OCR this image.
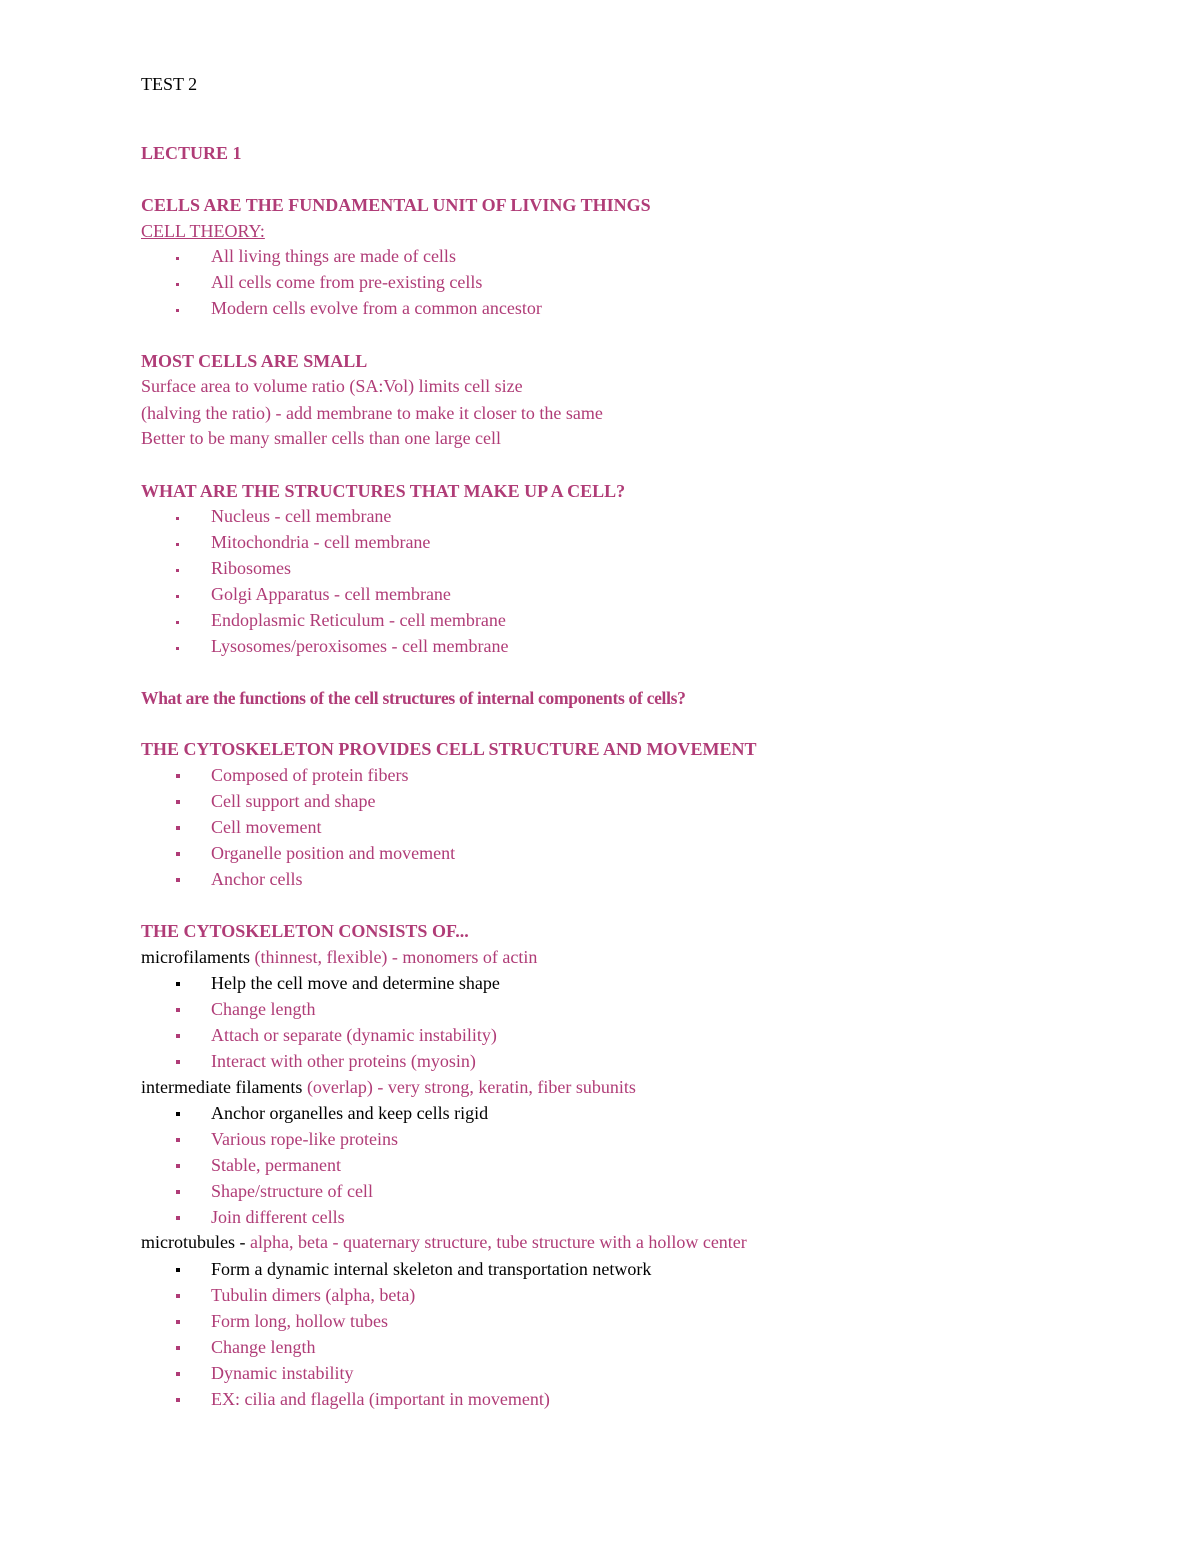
TEST 2
LECTURE 1
CELLS ARE THE FUNDAMENTAL UNIT OF LIVING THINGS
CELL THEORY:
All living things are made of cells
All cells come from pre-existing cells
Modern cells evolve from a common ancestor
MOST CELLS ARE SMALL
Surface area to volume ratio (SA:Vol) limits cell size
(halving the ratio) - add membrane to make it closer to the same
Better to be many smaller cells than one large cell
WHAT ARE THE STRUCTURES THAT MAKE UP A CELL?
Nucleus - cell membrane
Mitochondria - cell membrane
Ribosomes
Golgi Apparatus - cell membrane
Endoplasmic Reticulum - cell membrane
Lysosomes/peroxisomes - cell membrane
What are the functions of the cell structures of internal components of cells?
THE CYTOSKELETON PROVIDES CELL STRUCTURE AND MOVEMENT
Composed of protein fibers
Cell support and shape
Cell movement
Organelle position and movement
Anchor cells
THE CYTOSKELETON CONSISTS OF...
microfilaments (thinnest, flexible) - monomers of actin
Help the cell move and determine shape
Change length
Attach or separate (dynamic instability)
Interact with other proteins (myosin)
intermediate filaments (overlap) - very strong, keratin, fiber subunits
Anchor organelles and keep cells rigid
Various rope-like proteins
Stable, permanent
Shape/structure of cell
Join different cells
microtubules - alpha, beta - quaternary structure, tube structure with a hollow center
Form a dynamic internal skeleton and transportation network
Tubulin dimers (alpha, beta)
Form long, hollow tubes
Change length
Dynamic instability
EX: cilia and flagella (important in movement)
